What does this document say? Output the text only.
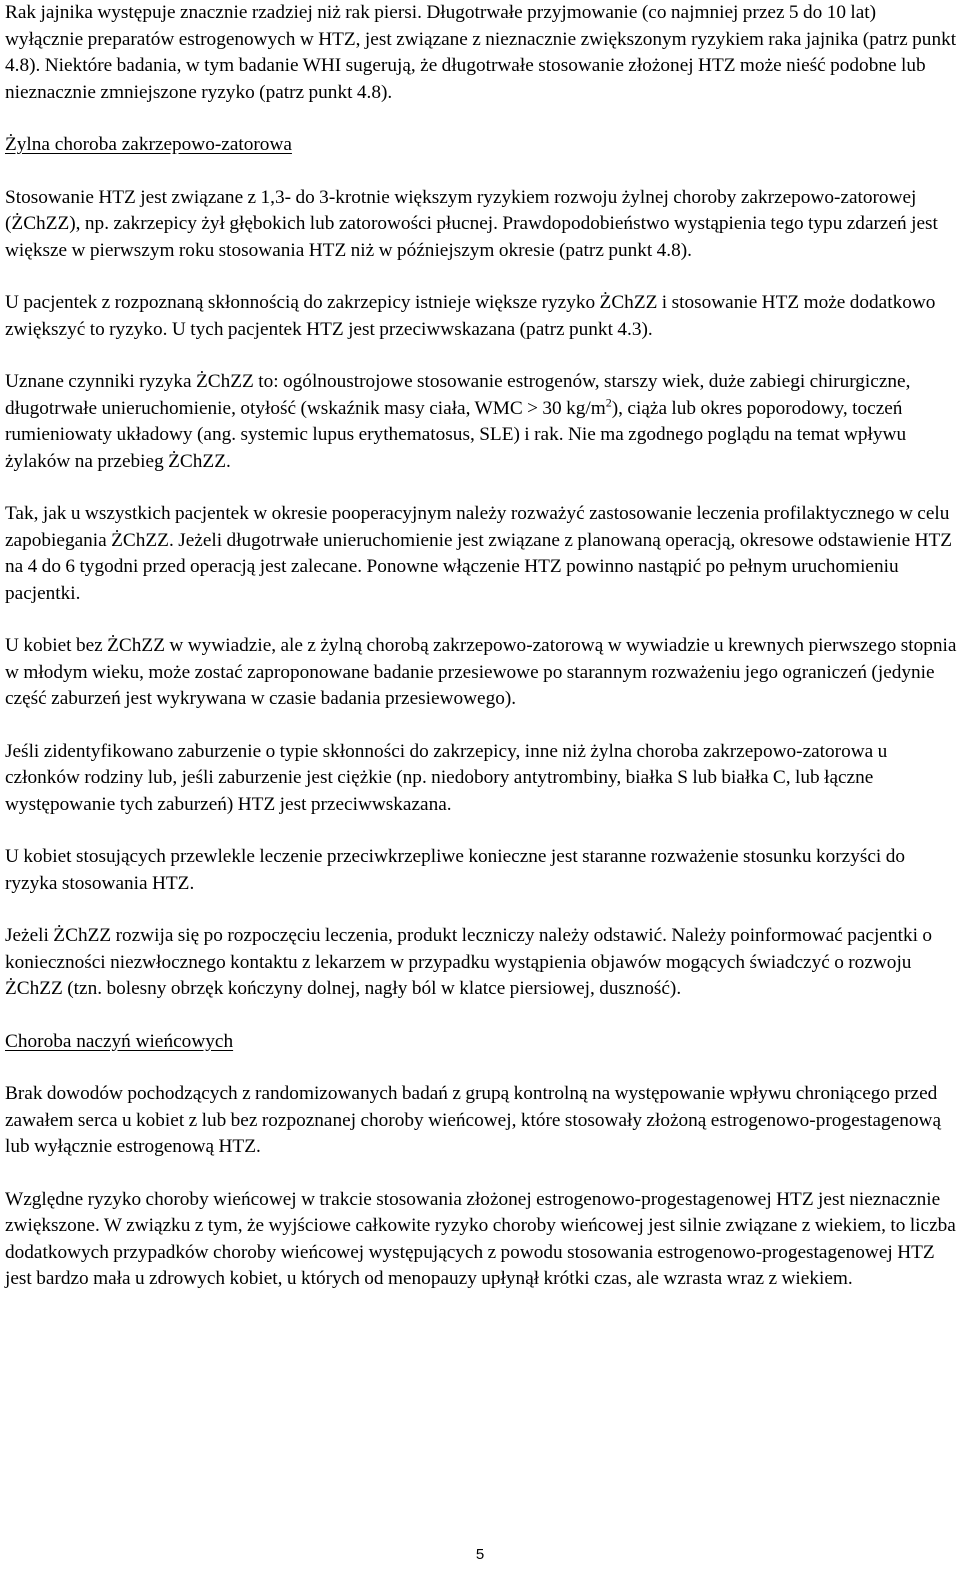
Rak jajnika występuje znacznie rzadziej niż rak piersi. Długotrwałe przyjmowanie (co najmniej przez 5 do 10 lat) wyłącznie preparatów estrogenowych w HTZ, jest związane z nieznacznie zwiększonym ryzykiem raka jajnika (patrz punkt 4.8). Niektóre badania, w tym badanie WHI sugerują, że długotrwałe stosowanie złożonej HTZ może nieść podobne lub nieznacznie zmniejszone ryzyko (patrz punkt 4.8).

Żylna choroba zakrzepowo-zatorowa

Stosowanie HTZ jest związane z 1,3- do 3-krotnie większym ryzykiem rozwoju żylnej choroby zakrzepowo-zatorowej (ŻChZZ), np. zakrzepicy żył głębokich lub zatorowości płucnej. Prawdopodobieństwo wystąpienia tego typu zdarzeń jest większe w pierwszym roku stosowania HTZ niż w późniejszym okresie (patrz punkt 4.8).

U pacjentek z rozpoznaną skłonnością do zakrzepicy istnieje większe ryzyko ŻChZZ i stosowanie HTZ może dodatkowo zwiększyć to ryzyko. U tych pacjentek HTZ jest przeciwwskazana (patrz punkt 4.3).

Uznane czynniki ryzyka ŻChZZ to: ogólnoustrojowe stosowanie estrogenów, starszy wiek, duże zabiegi chirurgiczne, długotrwałe unieruchomienie, otyłość (wskaźnik masy ciała, WMC > 30 $kg/m^2$), ciąża lub okres poporodowy, toczeń rumieniowaty układowy (ang. systemic lupus erythematosus, SLE) i rak. Nie ma zgodnego poglądu na temat wpływu żylaków na przebieg ŻChZZ.

Tak, jak u wszystkich pacjentek w okresie pooperacyjnym należy rozważyć zastosowanie leczenia profilaktycznego w celu zapobiegania ŻChZZ. Jeżeli długotrwałe unieruchomienie jest związane z planowaną operacją, okresowe odstawienie HTZ na 4 do 6 tygodni przed operacją jest zalecane. Ponowne włączenie HTZ powinno nastąpić po pełnym uruchomieniu pacjentki.

U kobiet bez ŻChZZ w wywiadzie, ale z żylną chorobą zakrzepowo-zatorową w wywiadzie u krewnych pierwszego stopnia w młodym wieku, może zostać zaproponowane badanie przesiewowe po starannym rozważeniu jego ograniczeń (jedynie część zaburzeń jest wykrywana w czasie badania przesiewowego).

Jeśli zidentyfikowano zaburzenie o typie skłonności do zakrzepicy, inne niż żylna choroba zakrzepowo-zatorowa u członków rodziny lub, jeśli zaburzenie jest ciężkie (np. niedobory antytrombiny, białka S lub białka C, lub łączne występowanie tych zaburzeń) HTZ jest przeciwwskazana.

U kobiet stosujących przewlekle leczenie przeciwkrzepliwe konieczne jest staranne rozważenie stosunku korzyści do ryzyka stosowania HTZ.

Jeżeli ŻChZZ rozwija się po rozpoczęciu leczenia, produkt leczniczy należy odstawić. Należy poinformować pacjentki o konieczności niezwłocznego kontaktu z lekarzem w przypadku wystąpienia objawów mogących świadczyć o rozwoju ŻChZZ (tzn. bolesny obrzęk kończyny dolnej, nagły ból w klatce piersiowej, duszność).

Choroba naczyń wieńcowych

Brak dowodów pochodzących z randomizowanych badań z grupą kontrolną na występowanie wpływu chroniącego przed zawałem serca u kobiet z lub bez rozpoznanej choroby wieńcowej, które stosowały złożoną estrogenowo-progestagenową lub wyłącznie estrogenową HTZ.

Względne ryzyko choroby wieńcowej w trakcie stosowania złożonej estrogenowo-progestagenowej HTZ jest nieznacznie zwiększone. W związku z tym, że wyjściowe całkowite ryzyko choroby wieńcowej jest silnie związane z wiekiem, to liczba dodatkowych przypadków choroby wieńcowej występujących z powodu stosowania estrogenowo-progestagenowej HTZ jest bardzo mała u zdrowych kobiet, u których od menopauzy upłynął krótki czas, ale wzrasta wraz z wiekiem.

5
